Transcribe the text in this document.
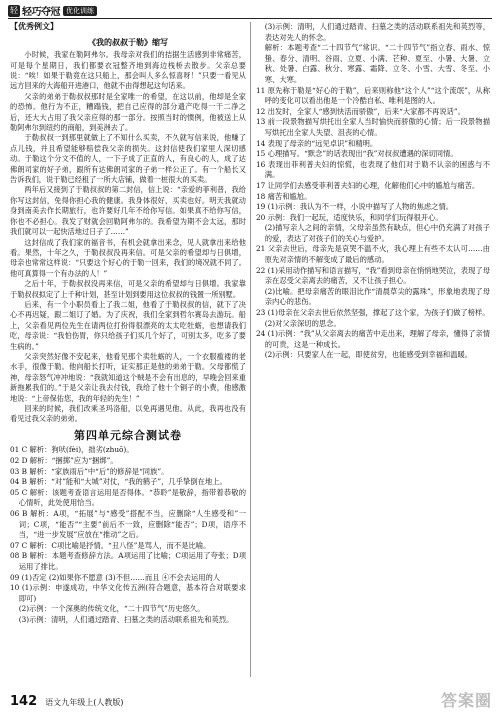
轻 轻巧夺冠 优化训练
【优秀例文】
《我的叔叔于勒》缩写

小时候，我家在勒阿弗尔。我母亲对我们的拮据生活感到非常痛苦，可是每个星期日，我们都要衣冠整齐地到海边栈桥去散步。父亲总要说：“唉！如果于勒竟在这只船上，那会叫人多么惊喜呀！”只要一看见从远方回来的大海船开进港口，他就不由得想起这句话来。

父亲的弟弟于勒叔叔那时是全家唯一的希望，在这以前，他却是全家的恐怖。他行为不正，糟蹋钱，把自己应得的部分遗产吃得一干二净之后，还大大占用了我父亲应得的那一部分。按照当时的惯例，他被送上从勒阿弗尔到纽约的商船，到美洲去了。

于勒叔叔一到那里就做上了不知什么买卖，不久就写信来说，他赚了点儿钱，并且希望能够赔偿我父亲的损失。这封信使我们家里人深切感动。于勒这个分文不值的人，一下子成了正直的人，有良心的人，成了达佛朗司家的好子弟，跟所有达佛朗司家的子弟一样公正了。有一个船长又告诉我们，说于勒已经租了一所大店铺，做着一桩很大的买卖。

两年后又接到了于勒叔叔的第二封信，信上说：“亲爱的菲利普，我给你写这封信，免得你担心我的健康。我身体很好，买卖也好。明天我就动身到南美去作长期旅行，也许要好几年不给你写信。如果真不给你写信，你也不必担心。我发了财就会回勒阿弗尔的。我希望为期不会太远，那时我们就可以一起快活地过日子了……”

这封信成了我们家的福音书，有机会就拿出来念，见人就拿出来给他看。果然，十年之久，于勒叔叔没再来信。可是父亲的希望却与日俱增，母亲也常常这样说：“只要这个好心的于勒一回来，我们的境况就不同了。他可真算得一个有办法的人！”

之后十年，于勒叔叔没再来信，可是父亲的希望却与日俱增。我家靠于勒叔叔拟定了上千种计划，甚至计划到要用这位叔叔的钱置一所别墅。

后来，有一个小职员看上了我二姐，他看了于勒叔叔的信，就下了决心不再迟疑，跟二姐订了婚。为了庆祝，我们全家到哲尔赛岛去游玩。船上，父亲看见两位先生在请两位打扮得很漂亮的太太吃牡蛎，也想请我们吃，母亲说：“我怕伤胃，你只给孩子们买几个好了，可别太多，吃多了要生病的。”

父亲突然好像不安起来，他看见那个卖牡蛎的人，一个衣服褴褛的老水手，很像于勒。他向船长打听，证实那正是他的弟弟于勒。父母都慌了神，母亲怒气冲冲地说：“我就知道这个贼是不会有出息的，早晚会回来重新拖累我们的。”于是父亲让我去付钱，我给了他十个铜子的小费，他感激地说：“上帝保佑您，我的年轻的先生！”

回来的时候，我们改乘圣玛洛船，以免再遇见他。从此，我再也没有看见过我父亲的弟弟。

第四单元综合测试卷

01 C 解析：狗吠(fèi)，拙劣(zhuō)。

02 D 解析：“捆掷”应为“捆绑”。

03 B 解析：“家族雨后”中“后”的修辞是“同族”。

04 B 解析：“对”能和“大城”对仗，“我的鹤子”，几乎挚倒在地上。

05 C 解析：该题考查语言运用是否得体。“恭聆”是敬辞，指带着恭敬的心情听，此处使用恰当。

06 B 解析：A项，“拓展”与“感受”搭配不当，应删除“人生感受和”一词；C项，“能否”“主要”前后不一致，应删除“能否”；D项，语序不当，“进一步发展”应放在“推动”之后。

07 C 解析：C项比喻是抒情。“丑八怪”是骂人，而不是比喻。

08 B 解析：本题考查修辞方法。A项运用了比喻；C项运用了夸张；D项运用了排比。

09 (1)否定 (2)如果你不愿意 (3)不但……而且 ④不会去运用的人

10 (1)示例：申遂成功，中华文化传五洲(符合题意，基本符合对联要求即可)

(2)示例：一个深奥的传统文化，“二十四节气”历史悠久。

(3)示例：清明，人们通过踏青、扫墓之类的活动联系祖先和英烈。

(3)示例：清明，人们通过踏青、扫墓之类的活动联系祖先和英烈等，表达对先人的怀念。

解析：本题考查“二十四节气”常识。“二十四节气”指立春、雨水、惊蛰、春分、清明、谷雨、立夏、小满、芒种、夏至、小暑、大暑、立秋、处暑、白露、秋分、寒露、霜降、立冬、小雪、大雪、冬至、小寒、大寒。

11 原先称于勒是“好心的于勒”，后来则称他“这个人”“这个流氓”，从称呼的变化可以看出他是一个冷酷自私、唯利是图的人。

12 出发时，全家人“感到快活而骄傲”，后来“大家都不再说话”。

13 前一段景物描写烘托出全家人当时愉快而骄傲的心情；后一段景物描写烘托出全家人失望、沮丧的心情。

14 表现了母亲的“远见卓识”和精明。

15 心理描写。“默念”的话表现出“我”对叔叔遭遇的深切同情。

16 表现出菲利普夫妇的惊慌，也表现了他们对于勒不认亲的困惑与不满。

17 让同学们去感受菲利普夫妇的心理，化解他们心中的尴尬与痛苦。

18 痛苦和尴尬。

19 (1)示例：我认为不一样，小说中描写了人物的焦虑之情。

20 示例：我们一起玩，适度快乐，和同学们玩得很开心。

(2)描写亲人之间的亲情，父母亲虽然有缺点，但心中仍充满了对孩子的爱，表达了对孩子们的关心与爱护。

21 父亲去世后，母亲先是哀哭不温不火，我心理上有些不太认可……由原先对亲情的不解变成了最后的感动。

22 (1)采用动作描写和语言描写，“我”看到母亲在悄悄地哭泣，表现了母亲在忍受父亲离去的痛苦，又不让孩子担心。

(2)比喻。把母亲痛苦的眼泪比作“清晨草尖的露珠”，形象地表现了母亲内心的悲伤。

23 (1)母亲在父亲去世后依然坚强，撑起了这个家，为孩子们做了榜样。

(2)对父亲深切的思念。

24 (1)示例：“我”从父亲离去的痛苦中走出来，理解了母亲，懂得了亲情的可贵，这是一种成长。

(2)示例：只要家人在一起，即使贫穷，也能感受到幸福和温暖。

142 语文九年级上(人教版)	答案圈
